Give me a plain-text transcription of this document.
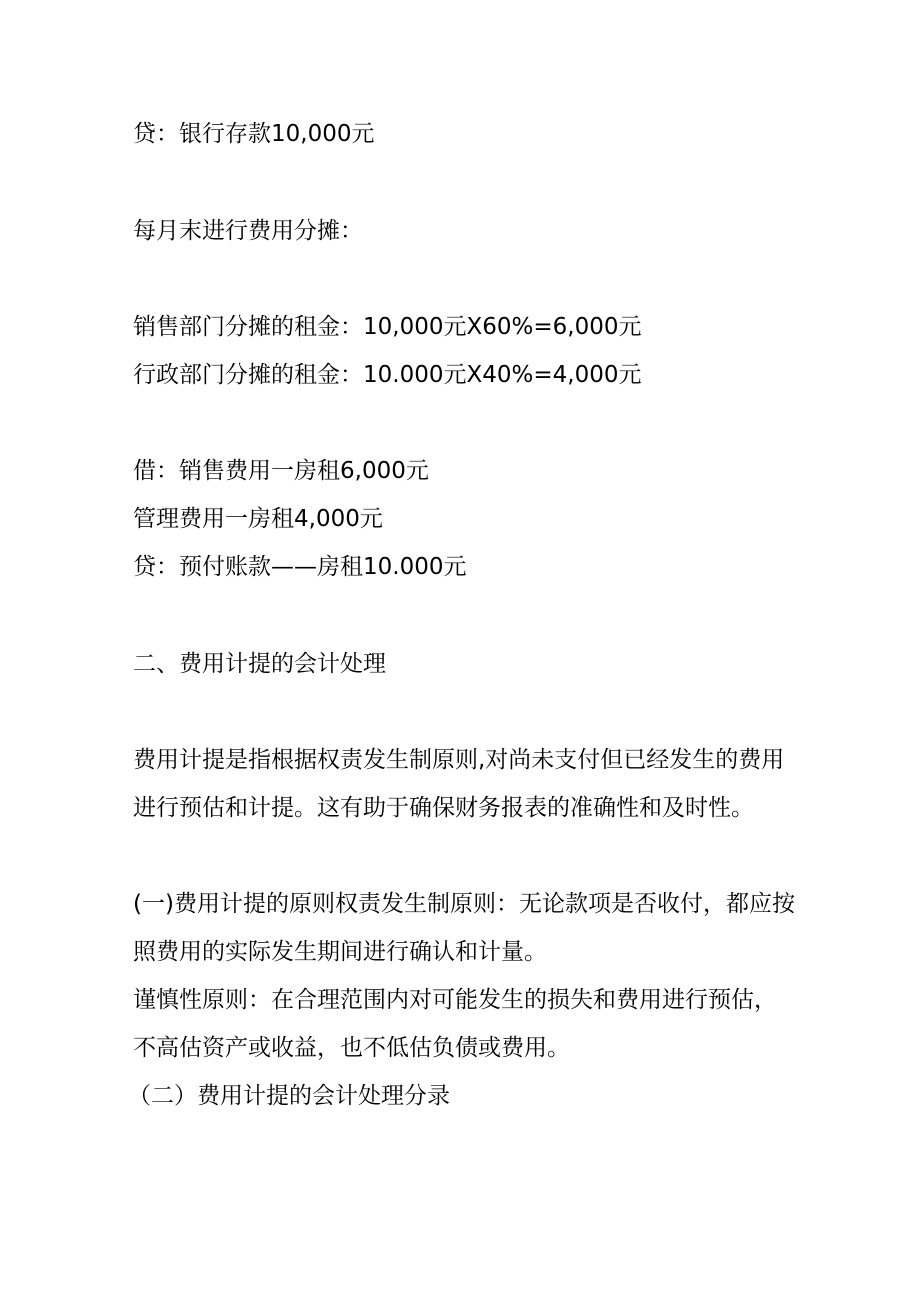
贷：银行存款10,000元
每月末进行费用分摊：
销售部门分摊的租金：10,000元X60%=6,000元
行政部门分摊的租金：10.000元X40%=4,000元
借：销售费用一房租6,000元
管理费用一房租4,000元
贷：预付账款——房租10.000元
二、费用计提的会计处理
费用计提是指根据权责发生制原则,对尚未支付但已经发生的费用
进行预估和计提。这有助于确保财务报表的准确性和及时性。
(一)费用计提的原则权责发生制原则：无论款项是否收付，都应按
照费用的实际发生期间进行确认和计量。
谨慎性原则：在合理范围内对可能发生的损失和费用进行预估，
不高估资产或收益，也不低估负债或费用。
（二）费用计提的会计处理分录
